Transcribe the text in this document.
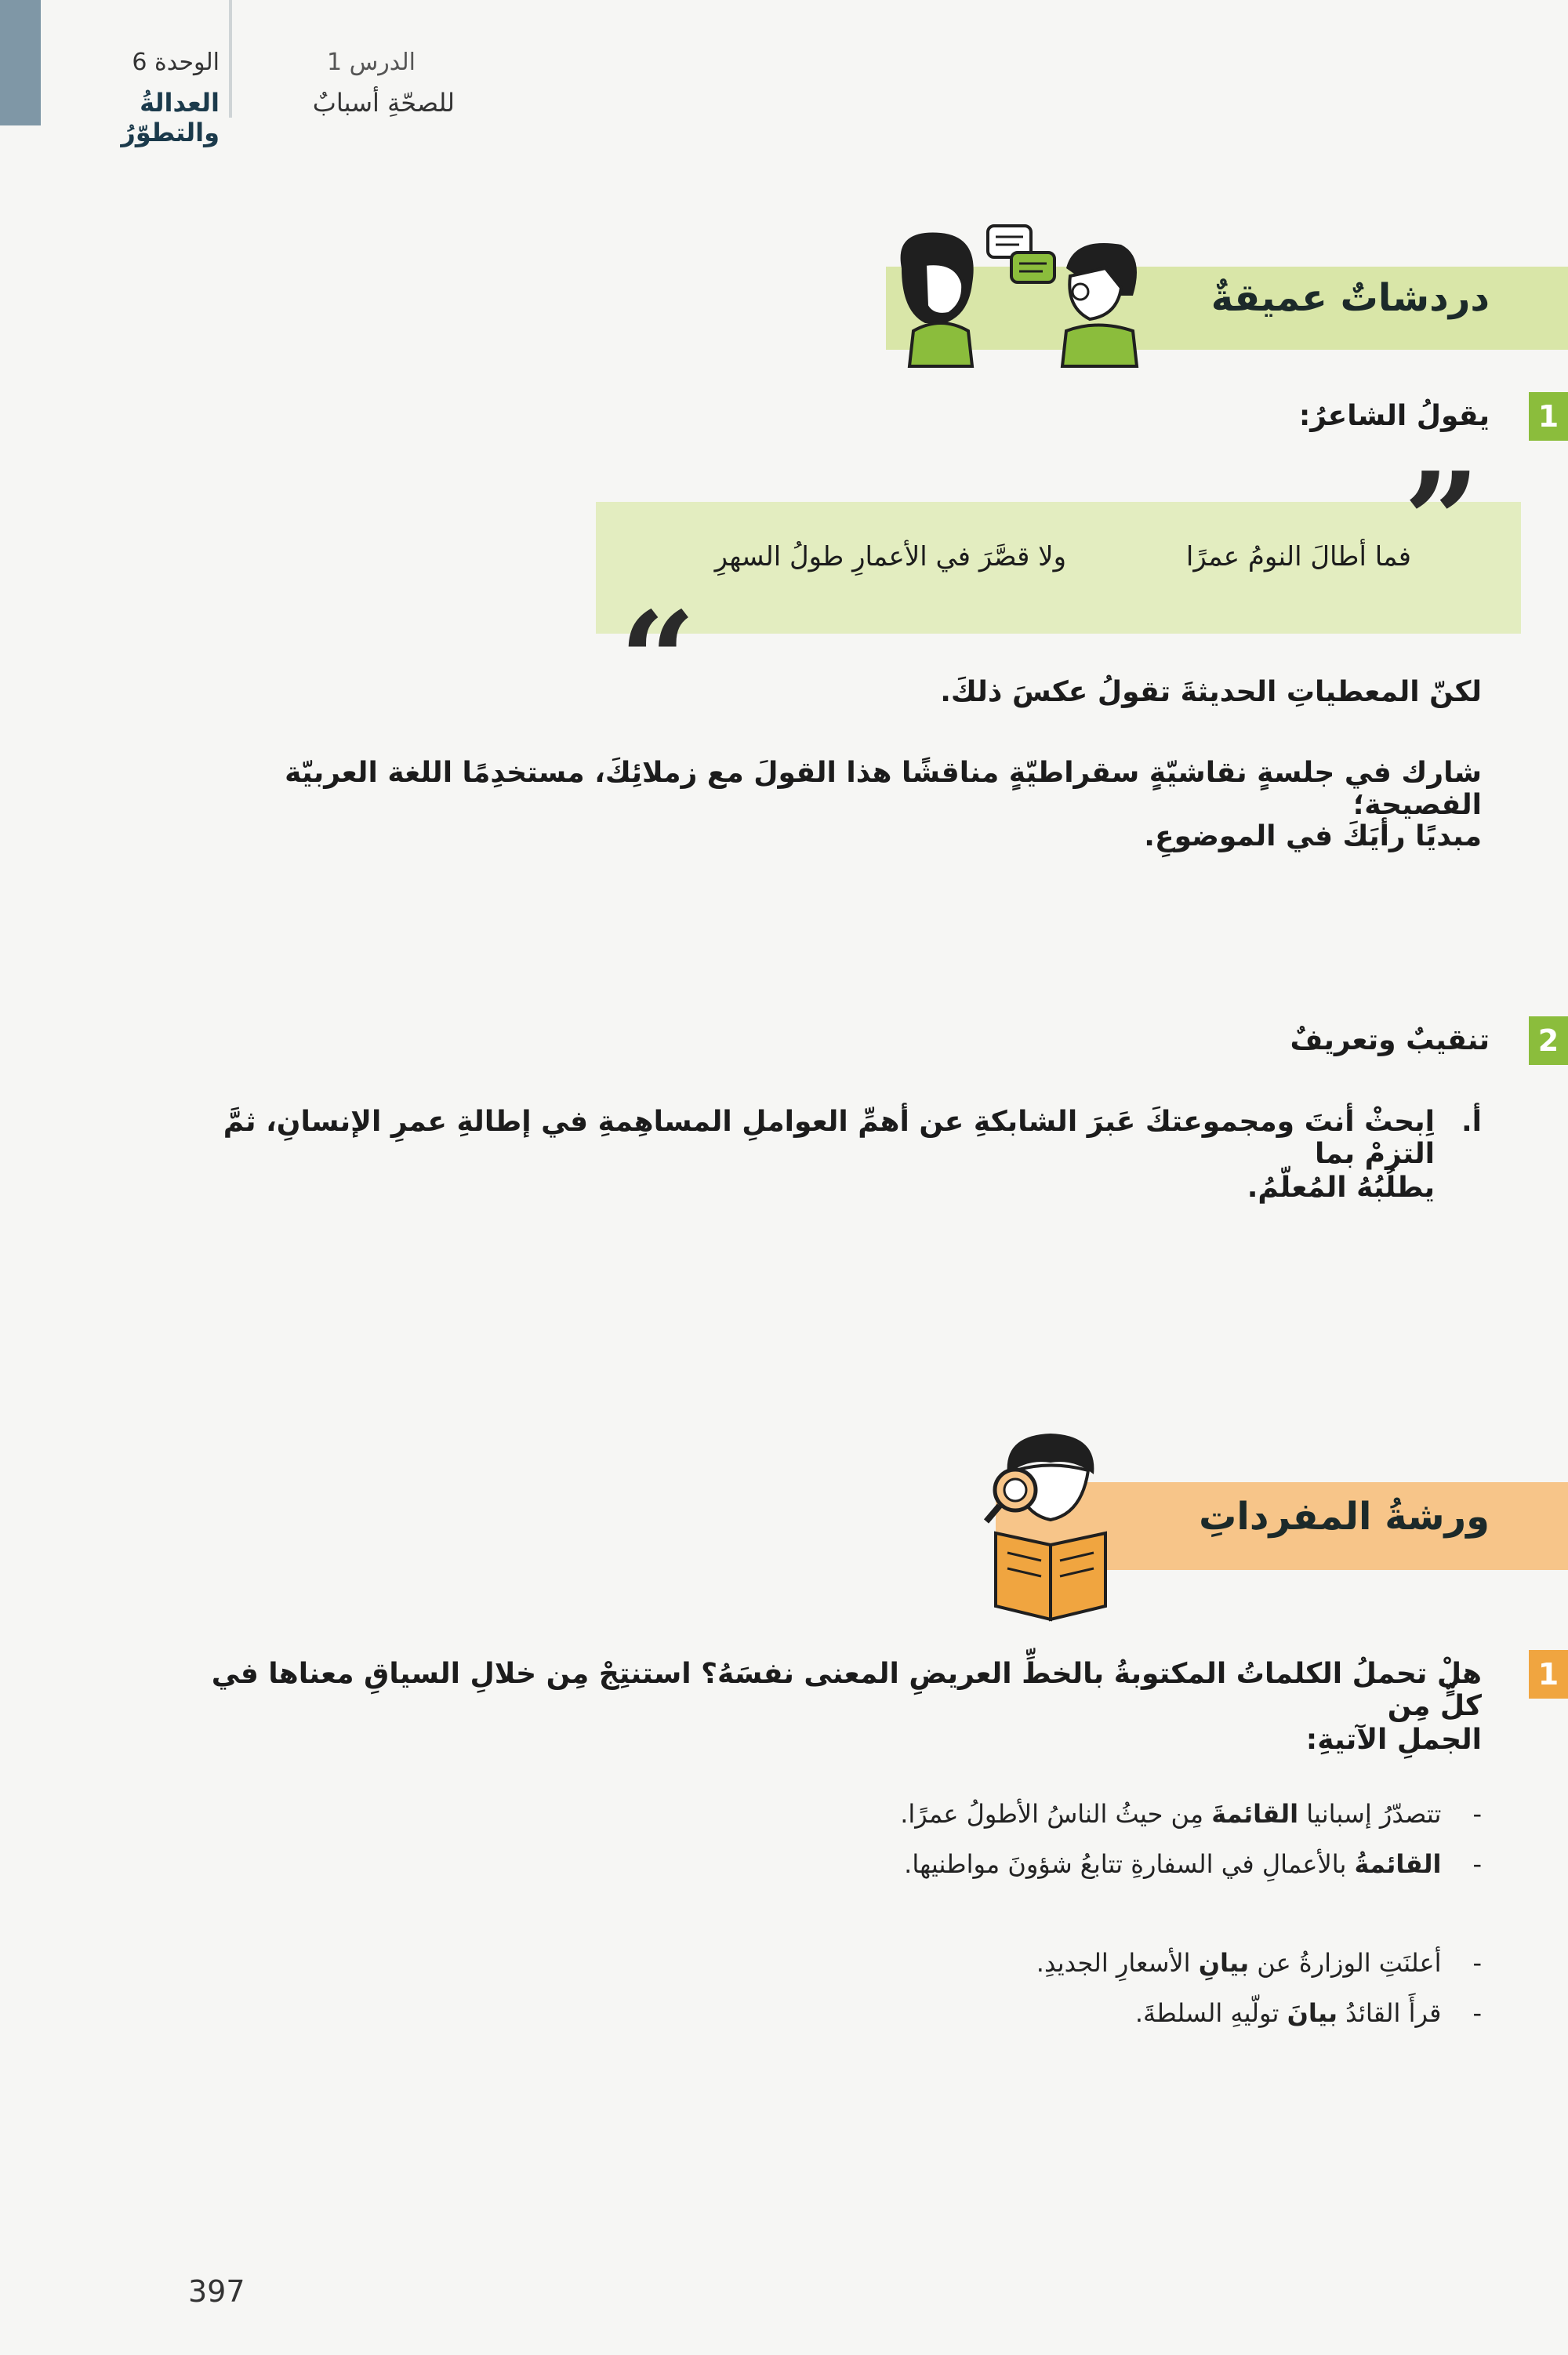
الوحدة 6
العدالةُ والتطوّرُ
الدرس 1
للصحّةِ أسبابٌ
دردشاتٌ عميقةٌ
1
يقولُ الشاعرُ:
”
فما أطالَ النومُ عمرًا
ولا قصَّرَ في الأعمارِ طولُ السهرِ
“	لكنّ المعطياتِ الحديثةَ تقولُ عكسَ ذلكَ.
شارك في جلسةٍ نقاشيّةٍ سقراطيّةٍ مناقشًا هذا القولَ مع زملائِكَ، مستخدِمًا اللغة العربيّة الفصيحة؛
مبديًا رأيَكَ في الموضوعِ.
2
تنقيبٌ وتعريفٌ
أ.
اِبحثْ أنتَ ومجموعتكَ عَبرَ الشابكةِ عن أهمِّ العواملِ المساهِمةِ في إطالةِ عمرِ الإنسانِ، ثمَّ التزمْ بما
يطلُبُهُ المُعلّمُ.
ورشةُ المفرداتِ
1
هلْ تحملُ الكلماتُ المكتوبةُ بالخطِّ العريضِ المعنى نفسَهُ؟ استنتِجْ مِن خلالِ السياقِ معناها في كلٍّ مِن
الجملِ الآتيةِ:
-تتصدّرُ إسبانيا القائمةَ مِن حيثُ الناسُ الأطولُ عمرًا.
-القائمةُ بالأعمالِ في السفارةِ تتابعُ شؤونَ مواطنيها.
-أعلنَتِ الوزارةُ عن بيانِ الأسعارِ الجديدِ.
-قرأَ القائدُ بيانَ تولّيهِ السلطةَ.
397
